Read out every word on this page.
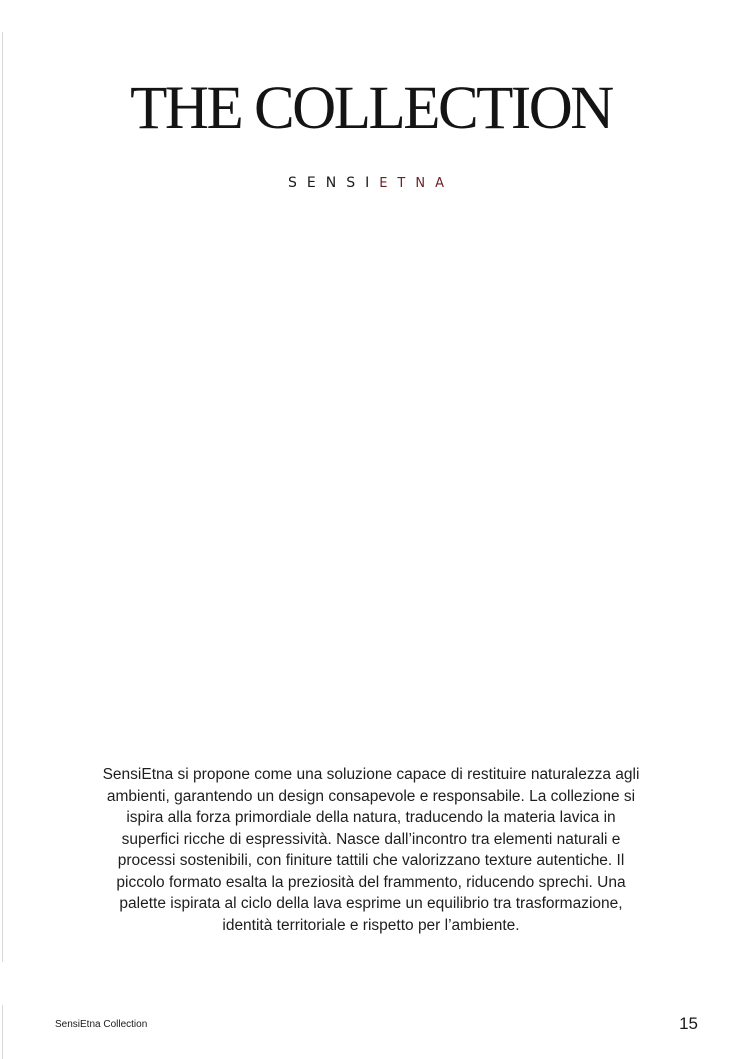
THE COLLECTION
SENSIETNA

SensiEtna si propone come una soluzione capace di restituire naturalezza agli ambienti, garantendo un design consapevole e responsabile. La collezione si ispira alla forza primordiale della natura, traducendo la materia lavica in superfici ricche di espressività. Nasce dall’incontro tra elementi naturali e processi sostenibili, con finiture tattili che valorizzano texture autentiche. Il piccolo formato esalta la preziosità del frammento, riducendo sprechi. Una palette ispirata al ciclo della lava esprime un equilibrio tra trasformazione, identità territoriale e rispetto per l’ambiente.

SensiEtna Collection	15
